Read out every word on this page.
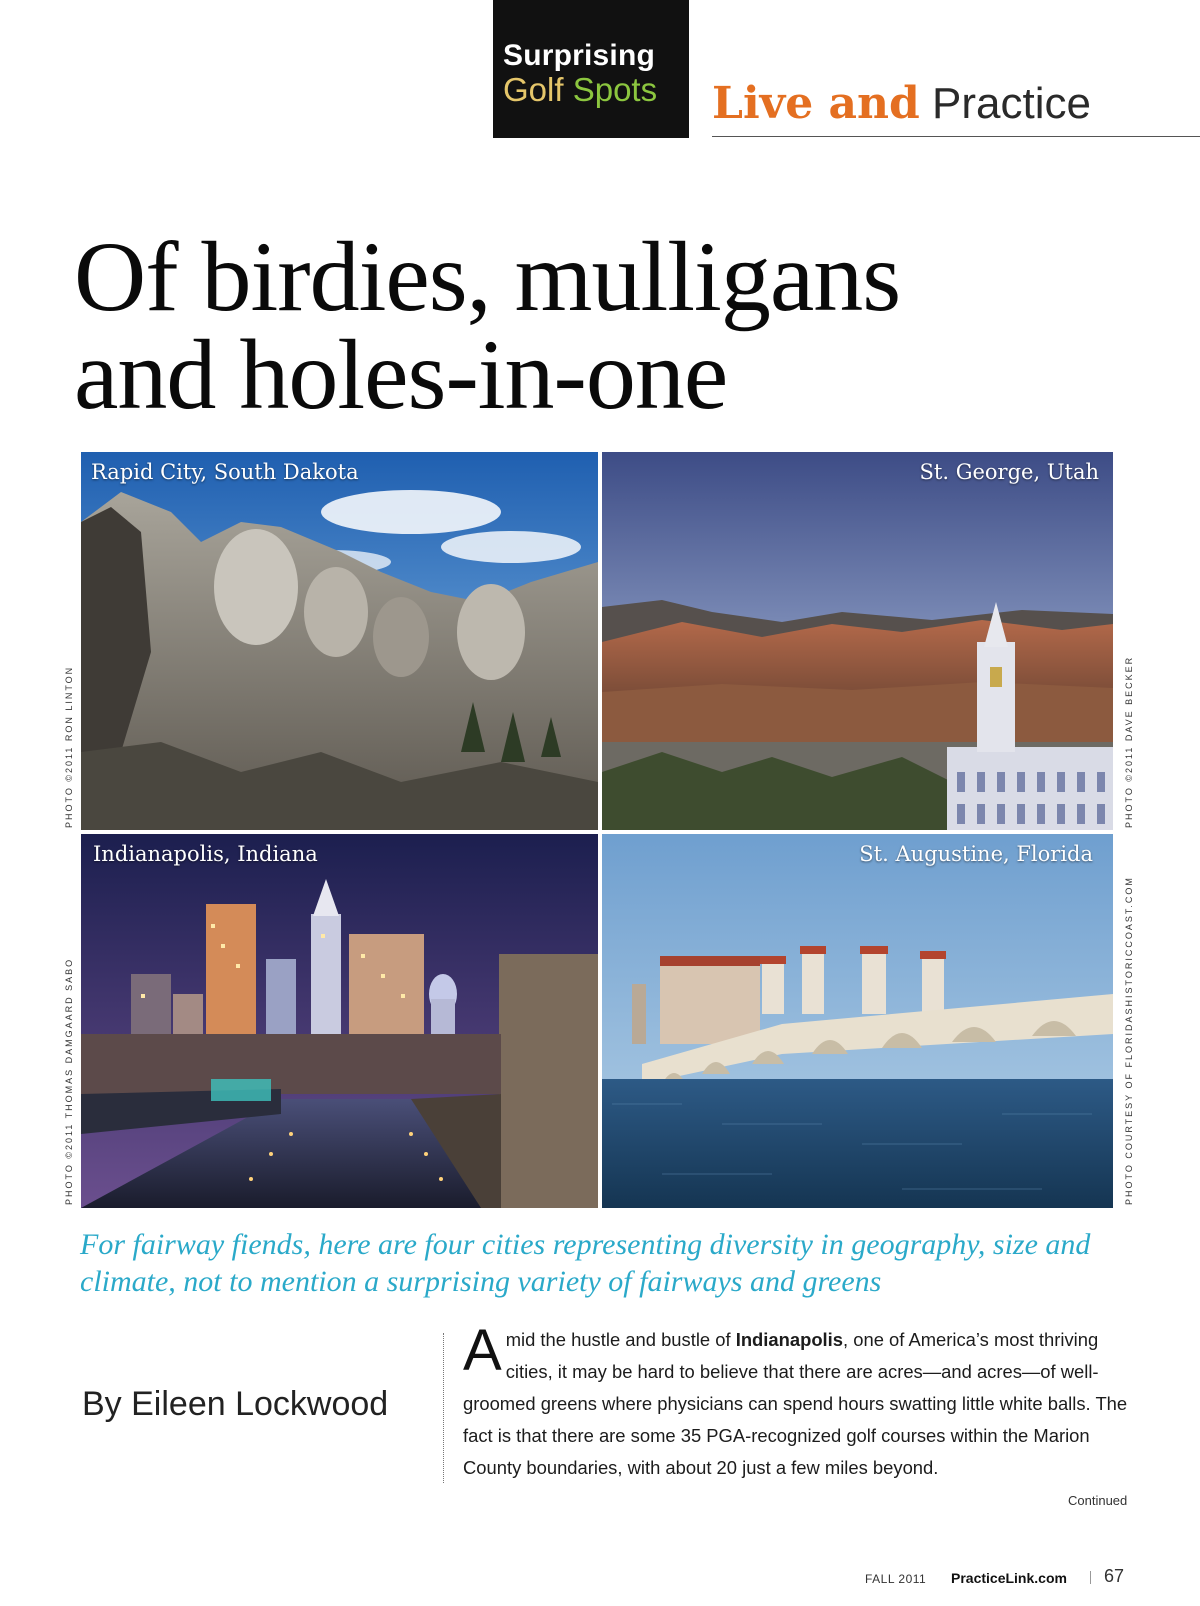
Surprising
Golf Spots	Live and Practice
Of birdies, mulligans
and holes-in-one
Rapid City, South Dakota
PHOTO ©2011 RON LINTON
St. George, Utah
PHOTO ©2011 DAVE BECKER
Indianapolis, Indiana
PHOTO ©2011 THOMAS DAMGAARD SABO
St. Augustine, Florida
PHOTO COURTESY OF FLORIDASHISTORICCOAST.COM

For fairway fiends, here are four cities representing diversity in geography, size and climate, not to mention a surprising variety of fairways and greens

By Eileen Lockwood

Amid the hustle and bustle of Indianapolis, one of America’s most thriving cities, it may be hard to believe that there are acres—and acres—of well-groomed greens where physicians can spend hours swatting little white balls. The fact is that there are some 35 PGA-recognized golf courses within the Marion County boundaries, with about 20 just a few miles beyond.

Continued
FALL 2011 PracticeLink.com 67
